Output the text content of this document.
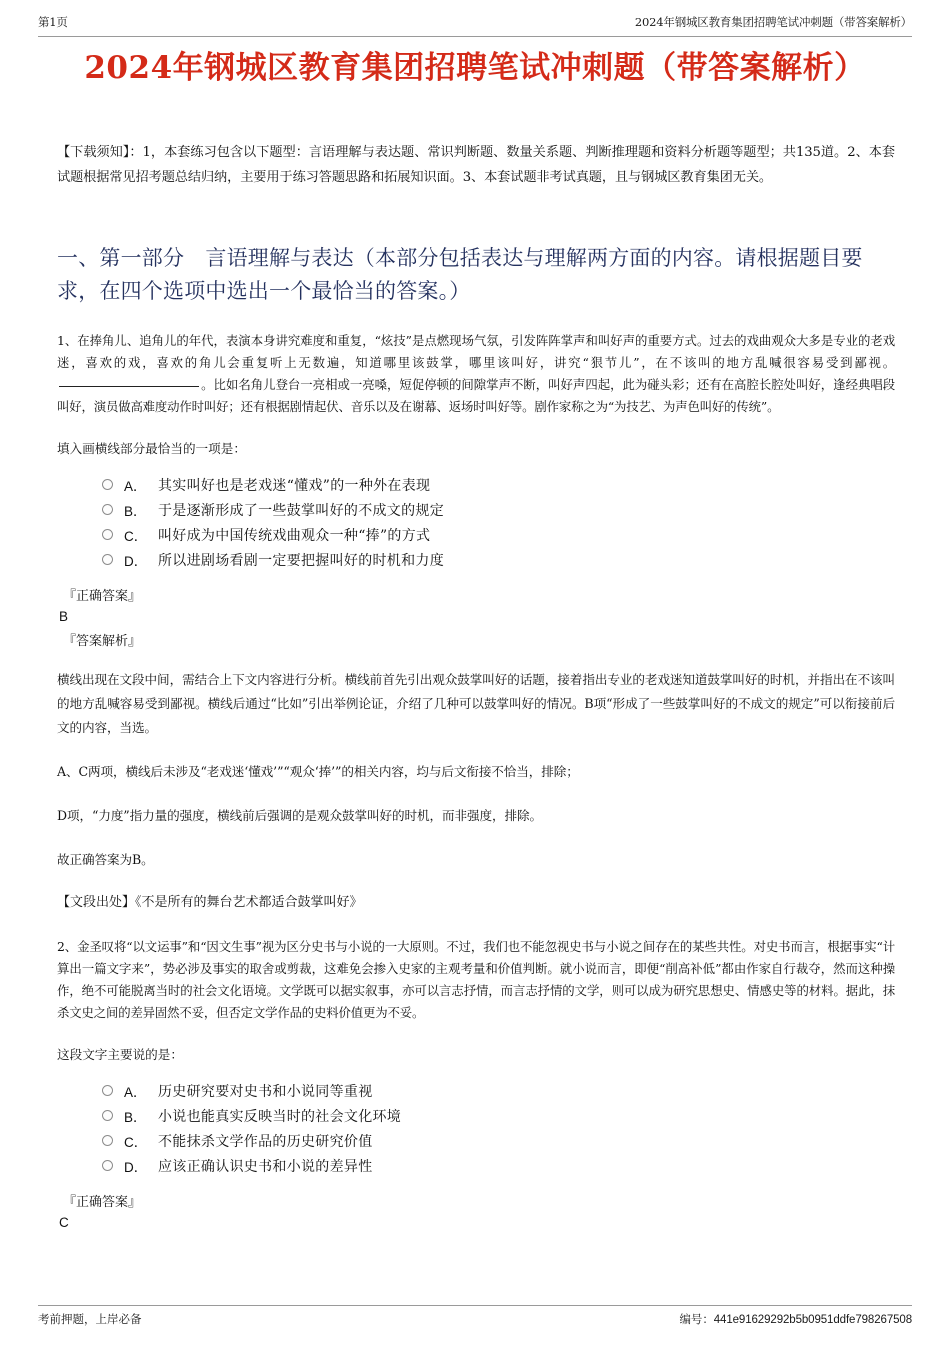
第1页	2024年钢城区教育集团招聘笔试冲刺题（带答案解析）
2024年钢城区教育集团招聘笔试冲刺题（带答案解析）
【下载须知】：1，本套练习包含以下题型：言语理解与表达题、常识判断题、数量关系题、判断推理题和资料分析题等题型；共135道。2、本套试题根据常见招考题总结归纳，主要用于练习答题思路和拓展知识面。3、本套试题非考试真题，且与钢城区教育集团无关。
一、第一部分　言语理解与表达（本部分包括表达与理解两方面的内容。请根据题目要求，在四个选项中选出一个最恰当的答案。）
1、在捧角儿、追角儿的年代，表演本身讲究难度和重复，“炫技”是点燃现场气氛，引发阵阵掌声和叫好声的重要方式。过去的戏曲观众大多是专业的老戏迷，喜欢的戏，喜欢的角儿会重复听上无数遍，知道哪里该鼓掌，哪里该叫好，讲究“狠节儿”，在不该叫的地方乱喊很容易受到鄙视。。比如名角儿登台一亮相或一亮嗓，短促停顿的间隙掌声不断，叫好声四起，此为碰头彩；还有在高腔长腔处叫好，逢经典唱段叫好，演员做高难度动作时叫好；还有根据剧情起伏、音乐以及在谢幕、返场时叫好等。剧作家称之为“为技艺、为声色叫好的传统”。
填入画横线部分最恰当的一项是：
A． 其实叫好也是老戏迷“懂戏”的一种外在表现
B． 于是逐渐形成了一些鼓掌叫好的不成文的规定
C． 叫好成为中国传统戏曲观众一种“捧”的方式
D． 所以进剧场看剧一定要把握叫好的时机和力度
『正确答案』
B
『答案解析』
横线出现在文段中间，需结合上下文内容进行分析。横线前首先引出观众鼓掌叫好的话题，接着指出专业的老戏迷知道鼓掌叫好的时机，并指出在不该叫的地方乱喊容易受到鄙视。横线后通过“比如”引出举例论证，介绍了几种可以鼓掌叫好的情况。B项“形成了一些鼓掌叫好的不成文的规定”可以衔接前后文的内容，当选。
A、C两项，横线后未涉及“老戏迷‘懂戏’”“观众‘捧’”的相关内容，均与后文衔接不恰当，排除；
D项，“力度”指力量的强度，横线前后强调的是观众鼓掌叫好的时机，而非强度，排除。
故正确答案为B。
【文段出处】《不是所有的舞台艺术都适合鼓掌叫好》
2、金圣叹将“以文运事”和“因文生事”视为区分史书与小说的一大原则。不过，我们也不能忽视史书与小说之间存在的某些共性。对史书而言，根据事实“计算出一篇文字来”，势必涉及事实的取舍或剪裁，这难免会掺入史家的主观考量和价值判断。就小说而言，即便“削高补低”都由作家自行裁夺，然而这种操作，绝不可能脱离当时的社会文化语境。文学既可以据实叙事，亦可以言志抒情，而言志抒情的文学，则可以成为研究思想史、情感史等的材料。据此，抹杀文史之间的差异固然不妥，但否定文学作品的史料价值更为不妥。
这段文字主要说的是：
A． 历史研究要对史书和小说同等重视
B． 小说也能真实反映当时的社会文化环境
C． 不能抹杀文学作品的历史研究价值
D． 应该正确认识史书和小说的差异性
『正确答案』
C
考前押题，上岸必备	编号：441e91629292b5b0951ddfe798267508
